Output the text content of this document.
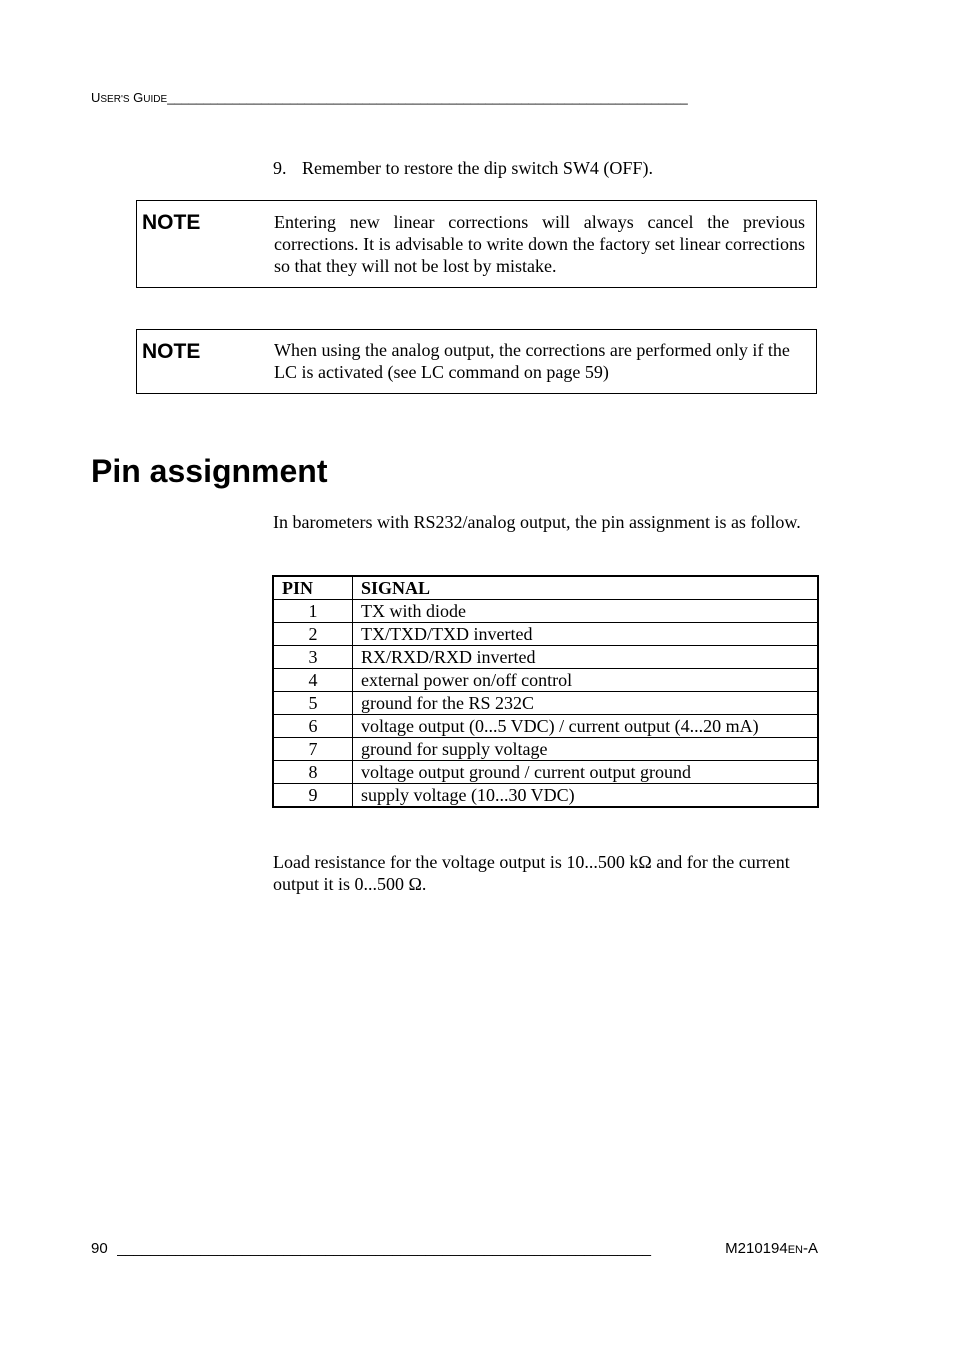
USER'S GUIDE________________________________________________________________________
9. Remember to restore the dip switch SW4 (OFF).
NOTE	Entering new linear corrections will always cancel the previous corrections. It is advisable to write down the factory set linear corrections so that they will not be lost by mistake.
NOTE	When using the analog output, the corrections are performed only if the LC is activated (see LC command on page 59)
Pin assignment

In barometers with RS232/analog output, the pin assignment is as follow.

PIN	SIGNAL
1	TX with diode
2	TX/TXD/TXD inverted
3	RX/RXD/RXD inverted
4	external power on/off control
5	ground for the RS 232C
6	voltage output (0...5 VDC) / current output (4...20 mA)
7	ground for supply voltage
8	voltage output ground / current output ground
9	supply voltage (10...30 VDC)

Load resistance for the voltage output is 10...500 kΩ and for the current output it is 0...500 Ω.

90 ________________________________________________________________	M210194EN-A
